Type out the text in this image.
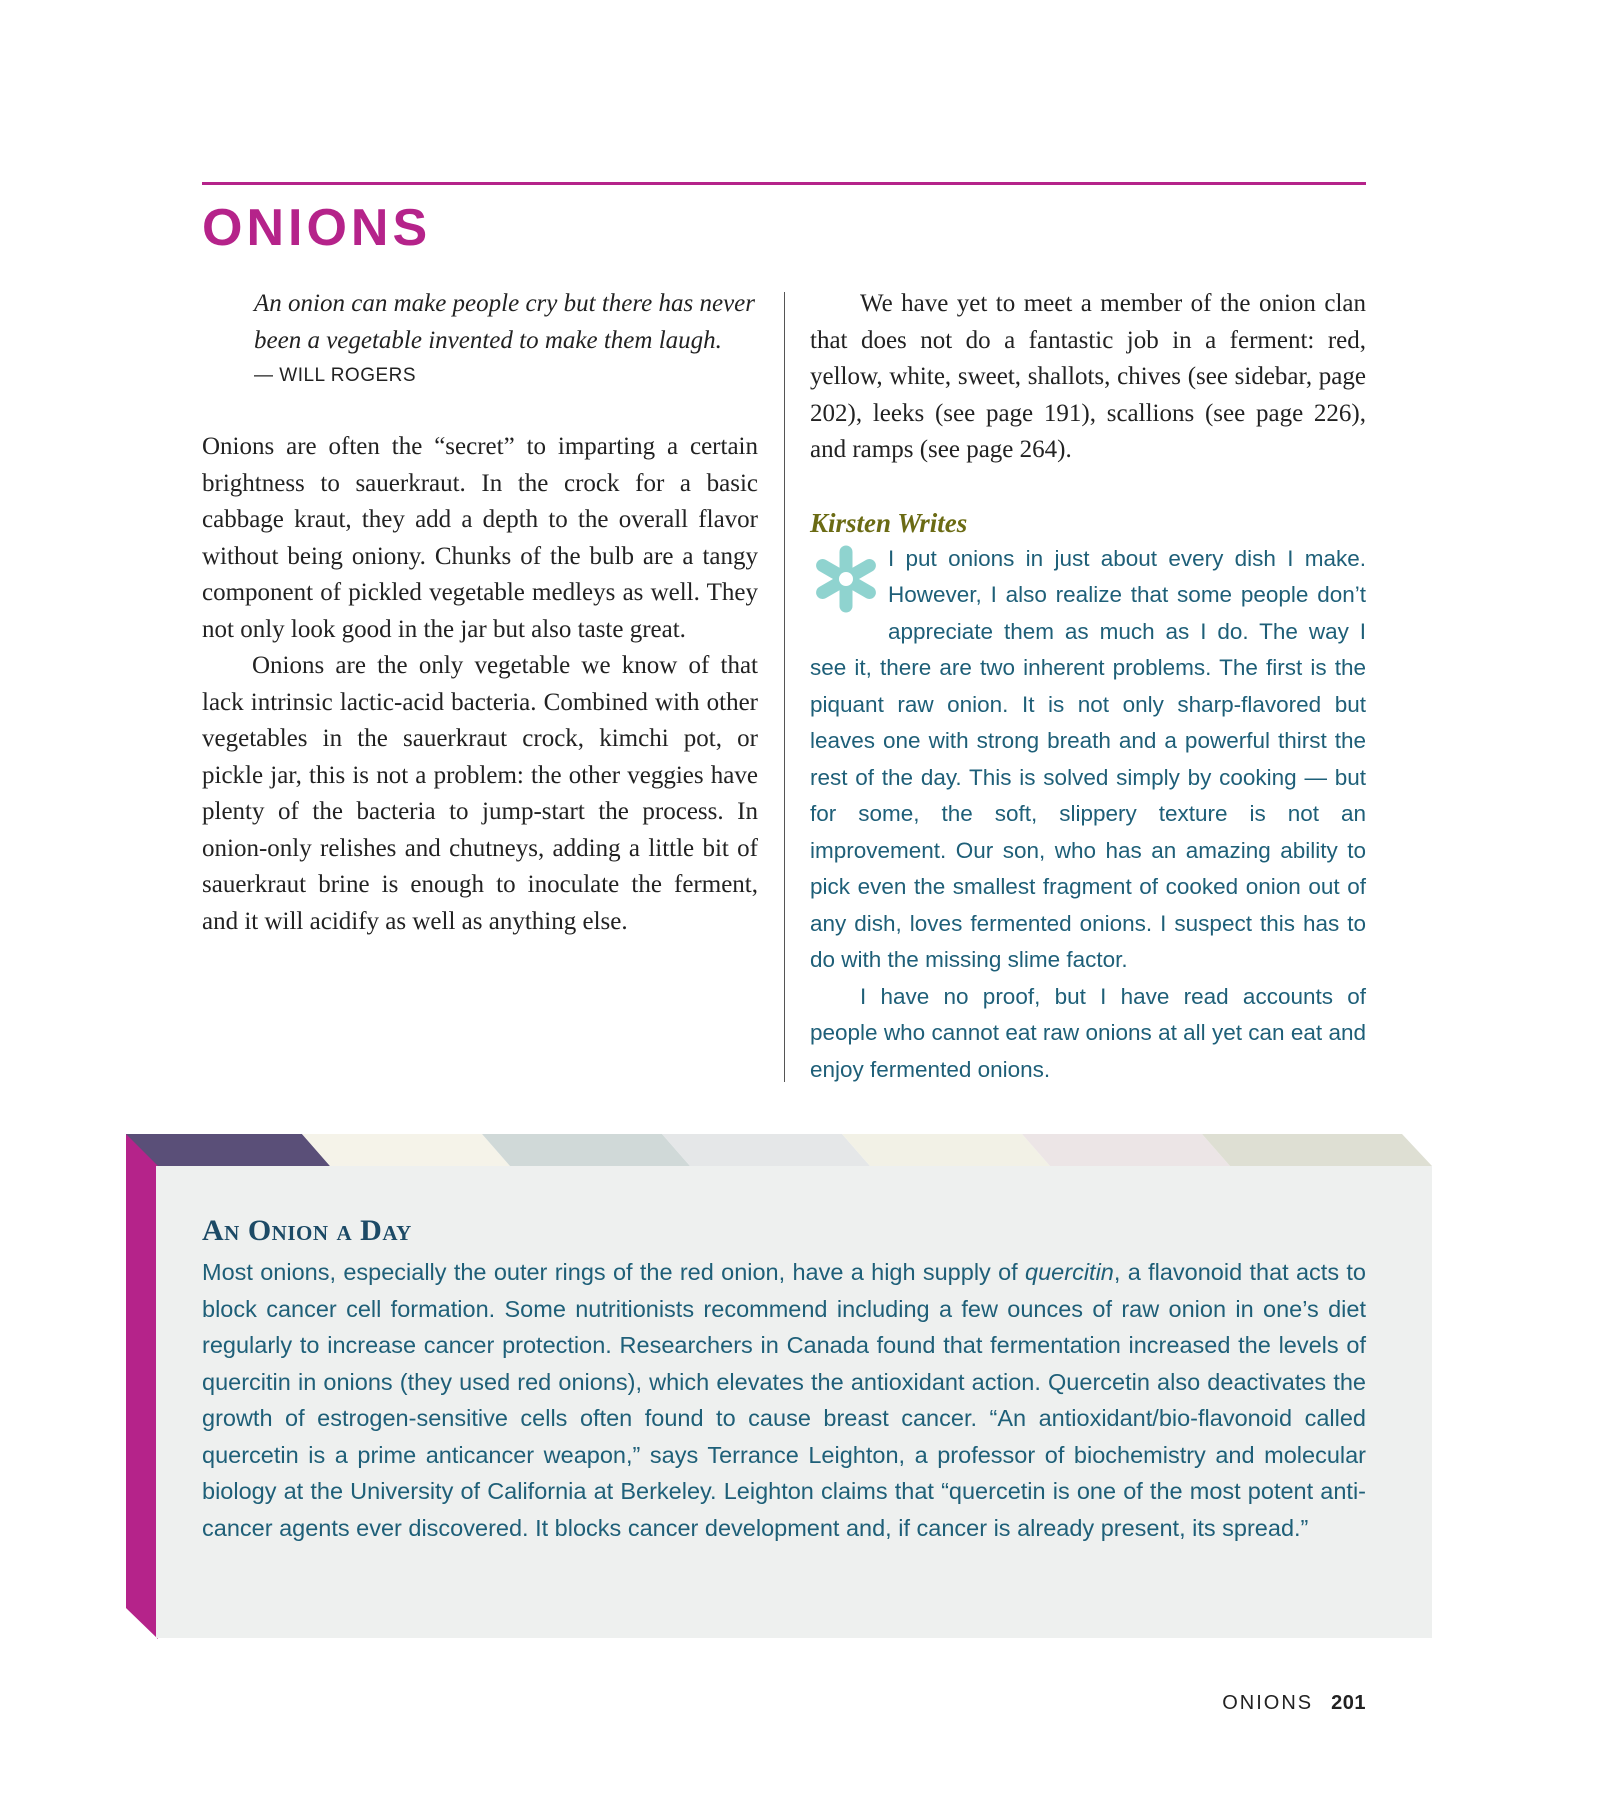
ONIONS
An onion can make people cry but there has never been a vegetable invented to make them laugh.
— WILL ROGERS

Onions are often the “secret” to imparting a certain brightness to sauerkraut. In the crock for a basic cabbage kraut, they add a depth to the overall flavor without being oniony. Chunks of the bulb are a tangy component of pickled vegetable medleys as well. They not only look good in the jar but also taste great.

Onions are the only vegetable we know of that lack intrinsic lactic-acid bacteria. Combined with other vegetables in the sauerkraut crock, kimchi pot, or pickle jar, this is not a problem: the other veggies have plenty of the bacteria to jump-start the process. In onion-only relishes and chutneys, adding a little bit of sauerkraut brine is enough to inoculate the ferment, and it will acidify as well as anything else.

We have yet to meet a member of the onion clan that does not do a fantastic job in a ferment: red, yellow, white, sweet, shallots, chives (see sidebar, page 202), leeks (see page 191), scallions (see page 226), and ramps (see page 264).

Kirsten Writes

I put onions in just about every dish I make. However, I also realize that some people don’t appreciate them as much as I do. The way I see it, there are two inherent problems. The first is the piquant raw onion. It is not only sharp-flavored but leaves one with strong breath and a powerful thirst the rest of the day. This is solved simply by cooking — but for some, the soft, slippery texture is not an improvement. Our son, who has an amazing ability to pick even the smallest fragment of cooked onion out of any dish, loves fermented onions. I suspect this has to do with the missing slime factor.

I have no proof, but I have read accounts of people who cannot eat raw onions at all yet can eat and enjoy fermented onions.

An Onion a Day

Most onions, especially the outer rings of the red onion, have a high supply of quercitin, a flavonoid that acts to block cancer cell formation. Some nutritionists recommend including a few ounces of raw onion in one’s diet regularly to increase cancer protection. Researchers in Canada found that fermentation increased the levels of quercitin in onions (they used red onions), which elevates the antioxidant action. Quercetin also deactivates the growth of estrogen-sensitive cells often found to cause breast cancer. “An antioxidant/bio-flavonoid called quercetin is a prime anticancer weapon,” says Terrance Leighton, a professor of biochemistry and molecular biology at the University of California at Berkeley. Leighton claims that “quercetin is one of the most potent anti-cancer agents ever discovered. It blocks cancer development and, if cancer is already present, its spread.”

ONIONS 201
